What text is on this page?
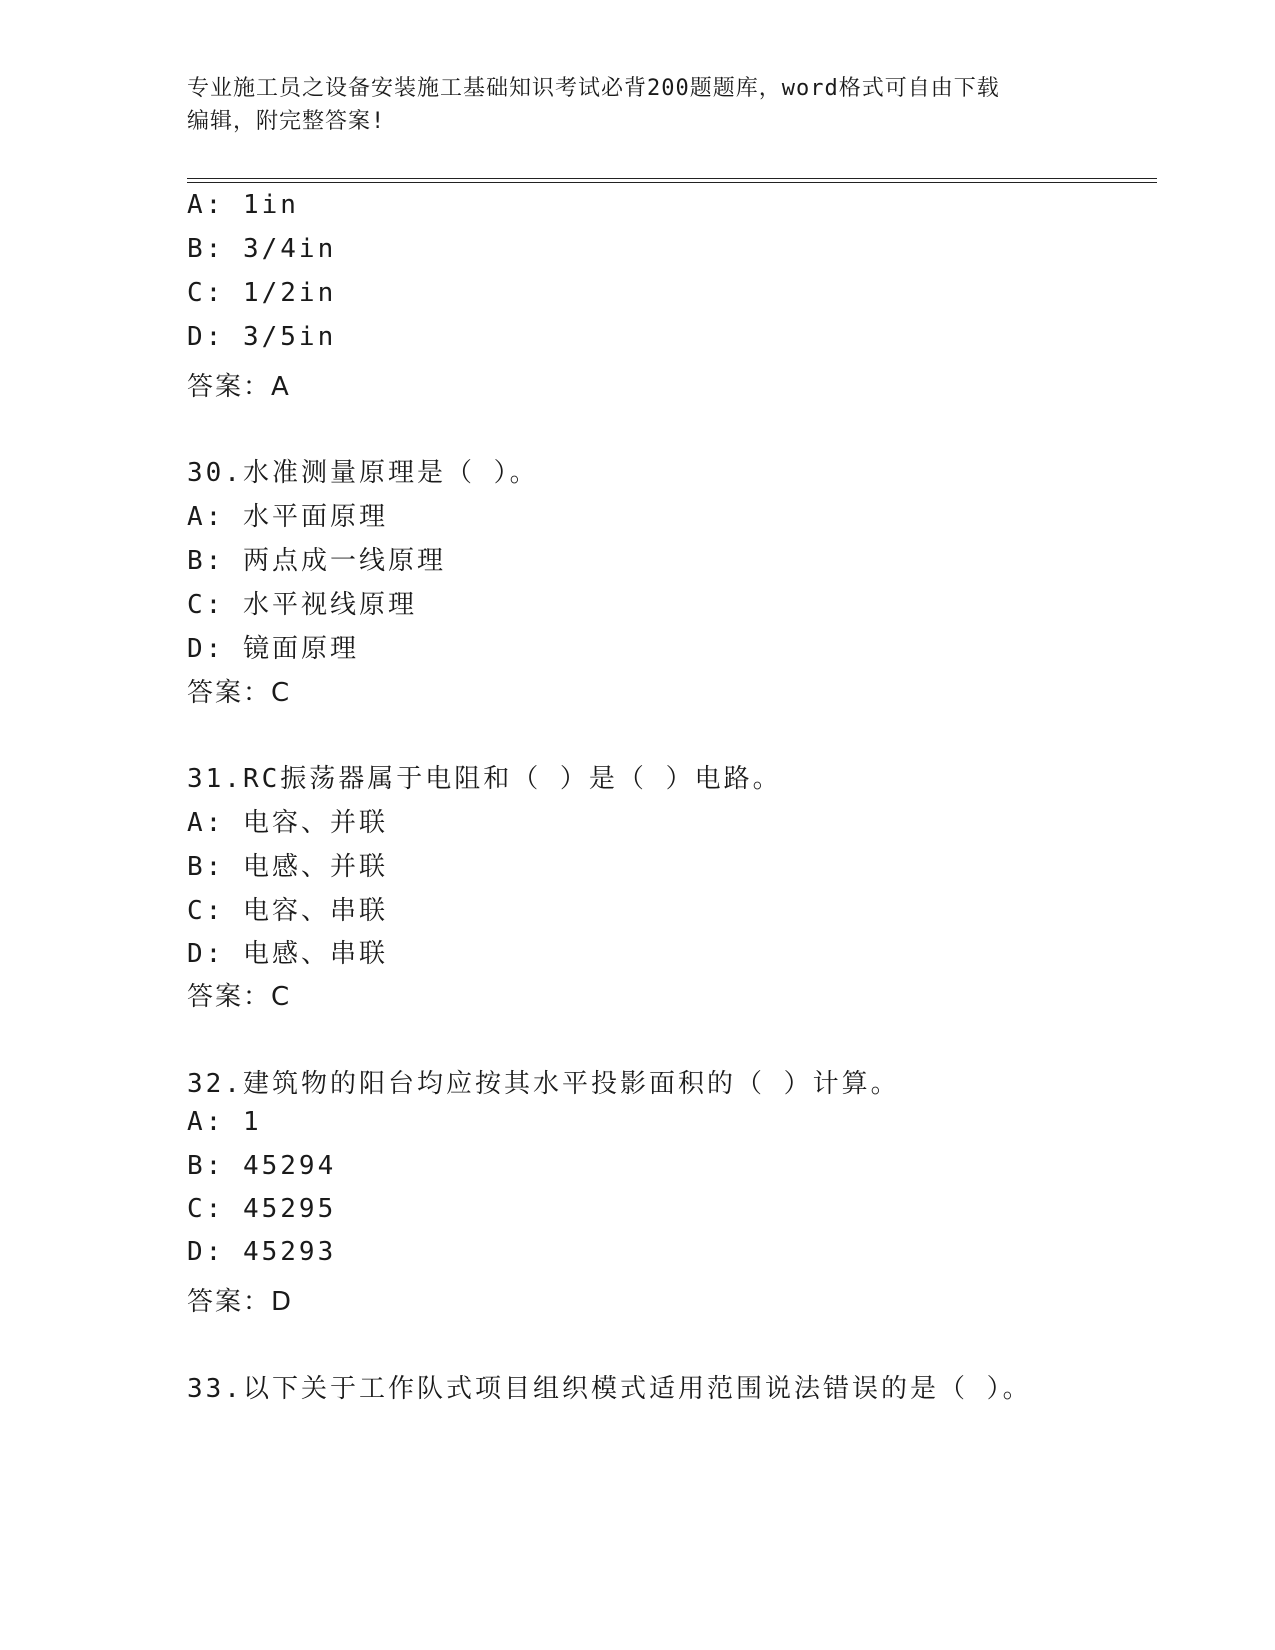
专业施工员之设备安装施工基础知识考试必背200题题库，word格式可自由下载
编辑，附完整答案!
A: 1in
B: 3/4in
C: 1/2in
D: 3/5in
答案：A
30.水准测量原理是（ ）。
A: 水平面原理
B: 两点成一线原理
C: 水平视线原理
D: 镜面原理
答案：C
31.RC振荡器属于电阻和（ ）是（ ）电路。
A: 电容、并联
B: 电感、并联
C: 电容、串联
D: 电感、串联
答案：C
32.建筑物的阳台均应按其水平投影面积的（ ）计算。
A: 1
B: 45294
C: 45295
D: 45293
答案：D
33.以下关于工作队式项目组织模式适用范围说法错误的是（ ）。
